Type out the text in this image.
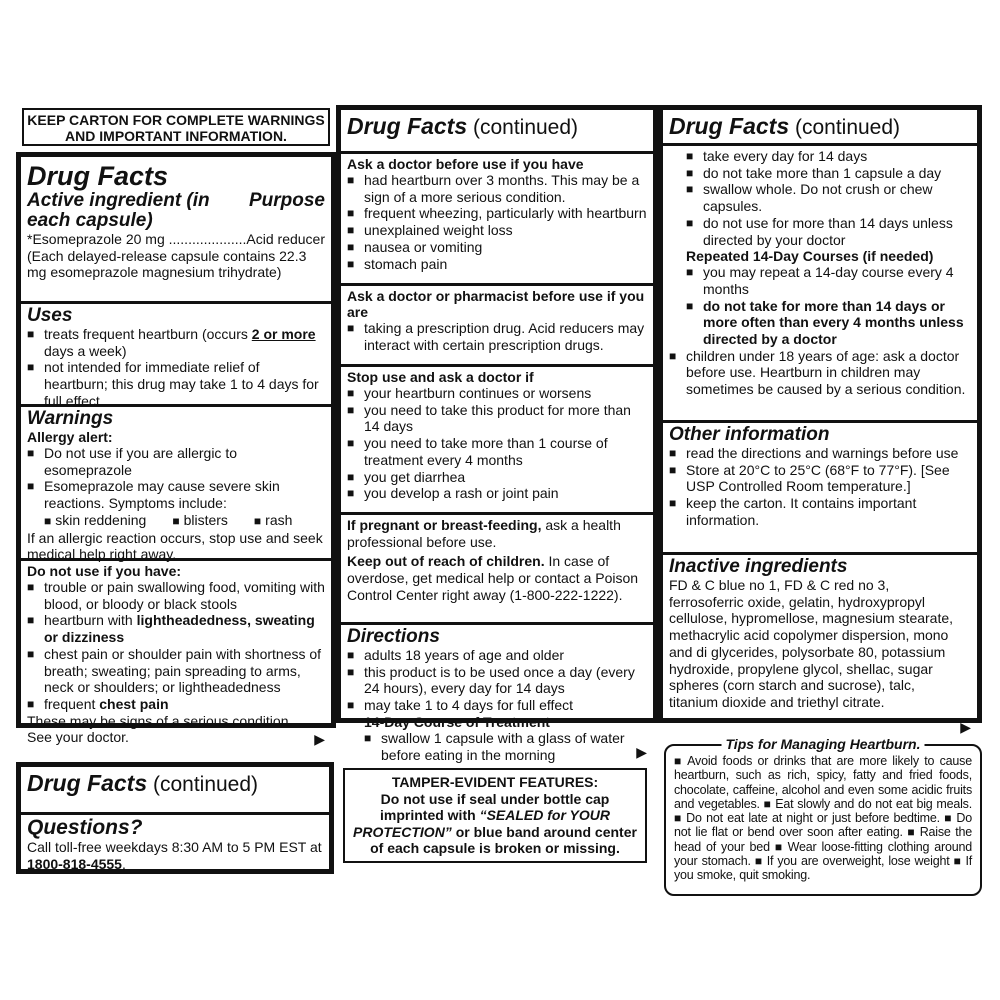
KEEP CARTON FOR COMPLETE WARNINGS
AND IMPORTANT INFORMATION.
Drug Facts
Active ingredient (in each capsule)
Purpose

*Esomeprazole 20 mg .................... Acid reducer

(Each delayed-release capsule contains 22.3 mg esomeprazole magnesium trihydrate)

Uses
■ treats frequent heartburn (occurs 2 or more days a week)
■ not intended for immediate relief of heartburn; this drug may take 1 to 4 days for full effect
Warnings
Allergy alert:
■ Do not use if you are allergic to esomeprazole
■ Esomeprazole may cause severe skin reactions. Symptoms include:
■ skin reddening ■ blisters ■ rash

If an allergic reaction occurs, stop use and seek medical help right away.

Do not use if you have:
■ trouble or pain swallowing food, vomiting with blood, or bloody or black stools
■ heartburn with lightheadedness, sweating or dizziness
■ chest pain or shoulder pain with shortness of breath; sweating; pain spreading to arms, neck or shoulders; or lightheadedness
■ frequent chest pain

These may be signs of a serious condition. See your doctor.	▶
Drug Facts (continued)
Ask a doctor before use if you have
■ had heartburn over 3 months. This may be a sign of a more serious condition.
■ frequent wheezing, particularly with heartburn
■ unexplained weight loss
■ nausea or vomiting
■ stomach pain
Ask a doctor or pharmacist before use if you are
■ taking a prescription drug. Acid reducers may interact with certain prescription drugs.
Stop use and ask a doctor if
■ your heartburn continues or worsens
■ you need to take this product for more than 14 days
■ you need to take more than 1 course of treatment every 4 months
■ you get diarrhea
■ you develop a rash or joint pain

If pregnant or breast-feeding, ask a health professional before use.

Keep out of reach of children. In case of overdose, get medical help or contact a Poison Control Center right away (1-800-222-1222).

Directions
■ adults 18 years of age and older
■ this product is to be used once a day (every 24 hours), every day for 14 days
■ may take 1 to 4 days for full effect
14-Day Course of Treatment
■ swallow 1 capsule with a glass of water before eating in the morning	▶
Drug Facts (continued)
■ take every day for 14 days
■ do not take more than 1 capsule a day
■ swallow whole. Do not crush or chew capsules.
■ do not use for more than 14 days unless directed by your doctor
Repeated 14-Day Courses (if needed)
■ you may repeat a 14-day course every 4 months
■ do not take for more than 14 days or more often than every 4 months unless directed by a doctor
■ children under 18 years of age: ask a doctor before use. Heartburn in children may sometimes be caused by a serious condition.
Other information
■ read the directions and warnings before use
■ Store at 20°C to 25°C (68°F to 77°F). [See USP Controlled Room temperature.]
■ keep the carton. It contains important information.
Inactive ingredients

FD & C blue no 1, FD & C red no 3, ferrosoferric oxide, gelatin, hydroxypropyl cellulose, hypromellose, magnesium stearate, methacrylic acid copolymer dispersion, mono and di glycerides, polysorbate 80, potassium hydroxide, propylene glycol, shellac, sugar spheres (corn starch and sucrose), talc, titanium dioxide and triethyl citrate.

▶
Drug Facts (continued)
Questions?

Call toll-free weekdays 8:30 AM to 5 PM EST at

1800-818-4555.

TAMPER-EVIDENT FEATURES:
Do not use if seal under bottle cap imprinted with “SEALED for YOUR PROTECTION” or blue band around center of each capsule is broken or missing.
Tips for Managing Heartburn.
■ Avoid foods or drinks that are more likely to cause heartburn, such as rich, spicy, fatty and fried foods, chocolate, caffeine, alcohol and even some acidic fruits and vegetables. ■ Eat slowly and do not eat big meals. ■ Do not eat late at night or just before bedtime. ■ Do not lie flat or bend over soon after eating. ■ Raise the head of your bed ■ Wear loose-fitting clothing around your stomach. ■ If you are overweight, lose weight ■ If you smoke, quit smoking.
